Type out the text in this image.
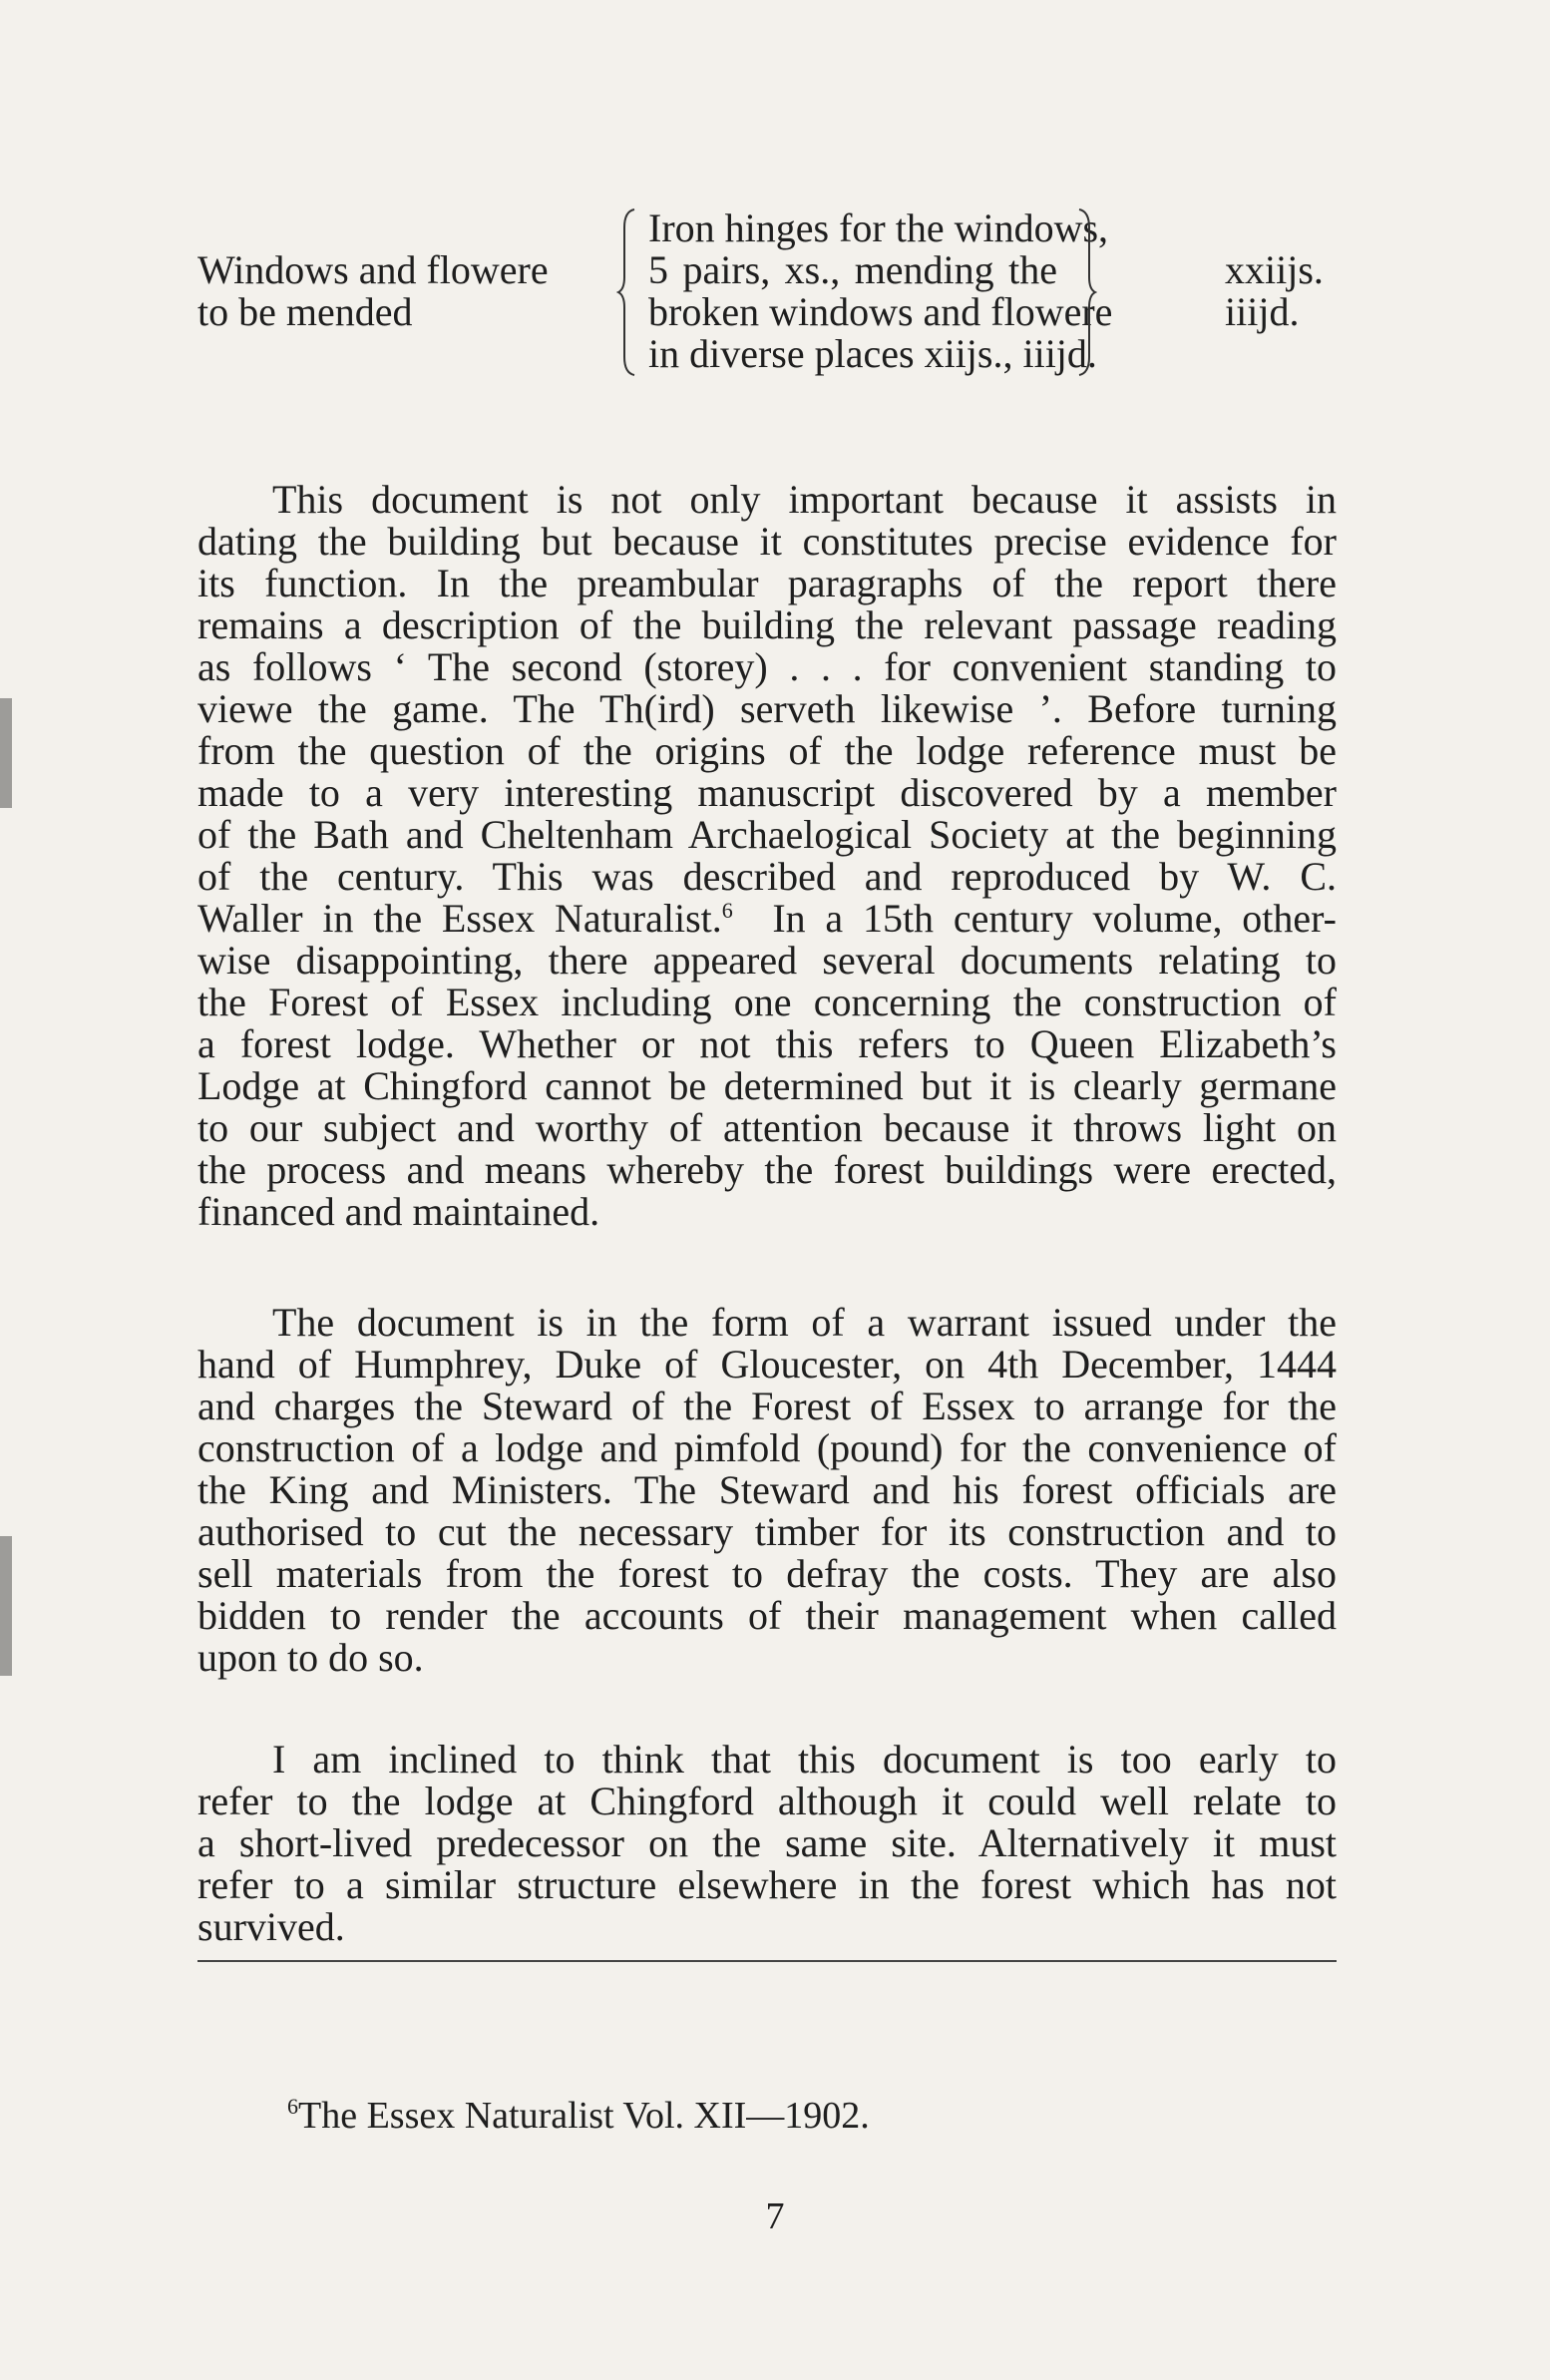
Windows and flowere
to be mended
Iron hinges for the windows,
5 pairs, xs., mending the
broken windows and flowere
in diverse places xiijs., iiijd.
xxiijs.
iiijd.

This document is not only important because it assists in
dating the building but because it constitutes precise evidence for
its function. In the preambular paragraphs of the report there
remains a description of the building the relevant passage reading
as follows ‘ The second (storey) . . . for convenient standing to
viewe the game. The Th(ird) serveth likewise ’. Before turning
from the question of the origins of the lodge reference must be
made to a very interesting manuscript discovered by a member
of the Bath and Cheltenham Archaelogical Society at the beginning
of the century. This was described and reproduced by W. C.
Waller in the Essex Naturalist.$^6$ In a 15th century volume, other-
wise disappointing, there appeared several documents relating to
the Forest of Essex including one concerning the construction of
a forest lodge. Whether or not this refers to Queen Elizabeth’s
Lodge at Chingford cannot be determined but it is clearly germane
to our subject and worthy of attention because it throws light on
the process and means whereby the forest buildings were erected,
financed and maintained.

The document is in the form of a warrant issued under the
hand of Humphrey, Duke of Gloucester, on 4th December, 1444
and charges the Steward of the Forest of Essex to arrange for the
construction of a lodge and pimfold (pound) for the convenience of
the King and Ministers. The Steward and his forest officials are
authorised to cut the necessary timber for its construction and to
sell materials from the forest to defray the costs. They are also
bidden to render the accounts of their management when called
upon to do so.

I am inclined to think that this document is too early to
refer to the lodge at Chingford although it could well relate to
a short-lived predecessor on the same site. Alternatively it must
refer to a similar structure elsewhere in the forest which has not
survived.

$^6$The Essex Naturalist Vol. XII—1902.
7
